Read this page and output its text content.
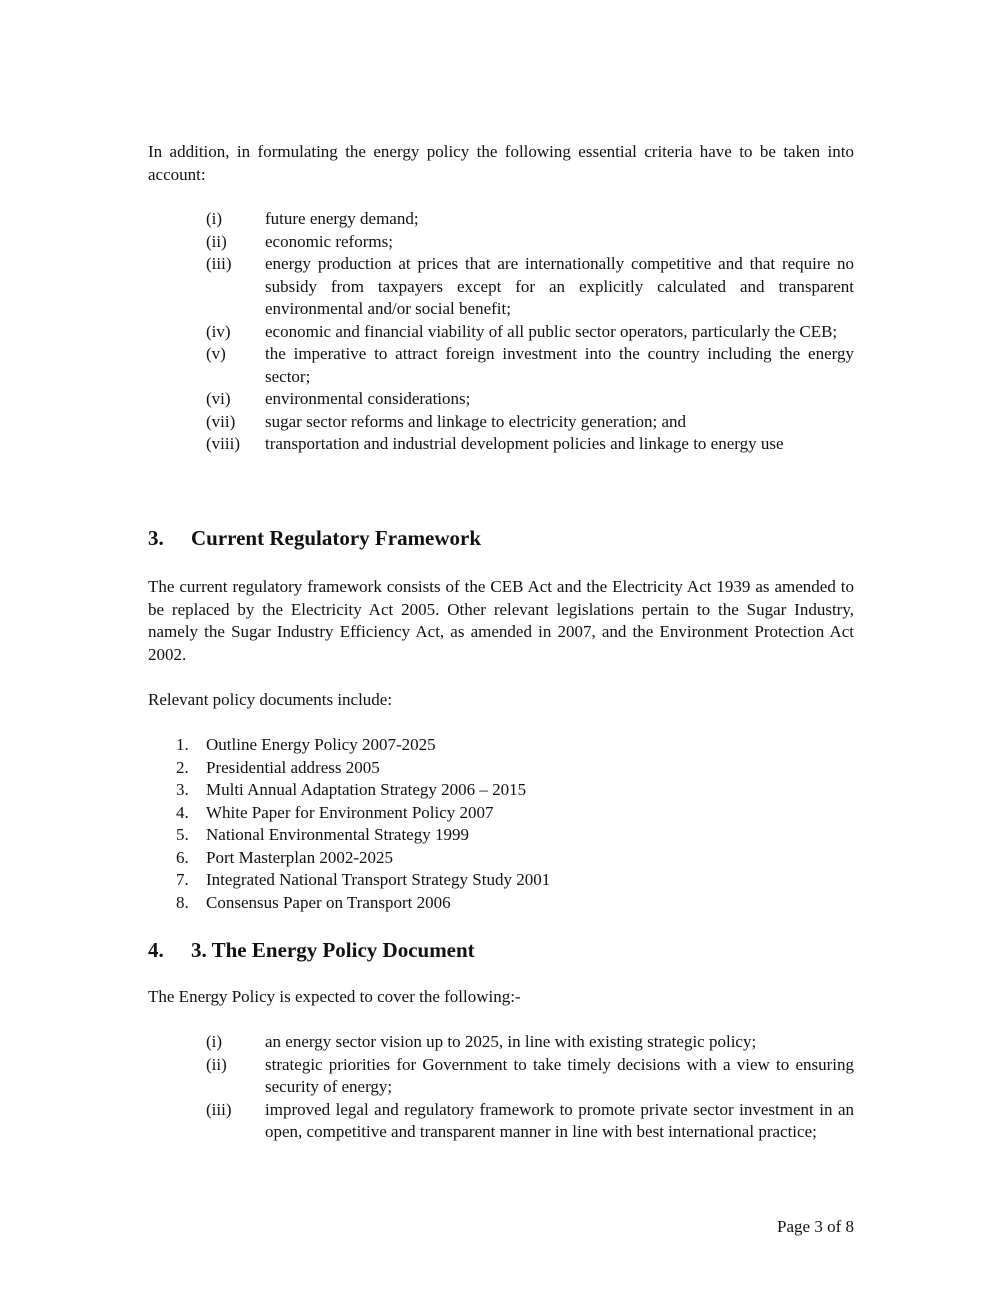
In addition, in formulating the energy policy the following essential criteria have to be taken into account:

(i)	future energy demand;
(ii) economic reforms;
(iii) energy production at prices that are internationally competitive and that require no subsidy from taxpayers except for an explicitly calculated and transparent environmental and/or social benefit;
(iv) economic and financial viability of all public sector operators, particularly the CEB;
(v) the imperative to attract foreign investment into the country including the energy sector;
(vi) environmental considerations;
(vii) sugar sector reforms and linkage to electricity generation; and
(viii) transportation and industrial development policies and linkage to energy use
3. Current Regulatory Framework

The current regulatory framework consists of the CEB Act and the Electricity Act 1939 as amended to be replaced by the Electricity Act 2005. Other relevant legislations pertain to the Sugar Industry, namely the Sugar Industry Efficiency Act, as amended in 2007, and the Environment Protection Act 2002.

Relevant policy documents include:

1. Outline Energy Policy 2007-2025
2. Presidential address 2005
3. Multi Annual Adaptation Strategy 2006 – 2015
4. White Paper for Environment Policy 2007
5. National Environmental Strategy 1999
6. Port Masterplan 2002-2025
7. Integrated National Transport Strategy Study 2001
8. Consensus Paper on Transport 2006
4. 3. The Energy Policy Document

The Energy Policy is expected to cover the following:-

(i)	an energy sector vision up to 2025, in line with existing strategic policy;
(ii) strategic priorities for Government to take timely decisions with a view to ensuring security of energy;
(iii) improved legal and regulatory framework to promote private sector investment in an open, competitive and transparent manner in line with best international practice;
Page 3 of 8
